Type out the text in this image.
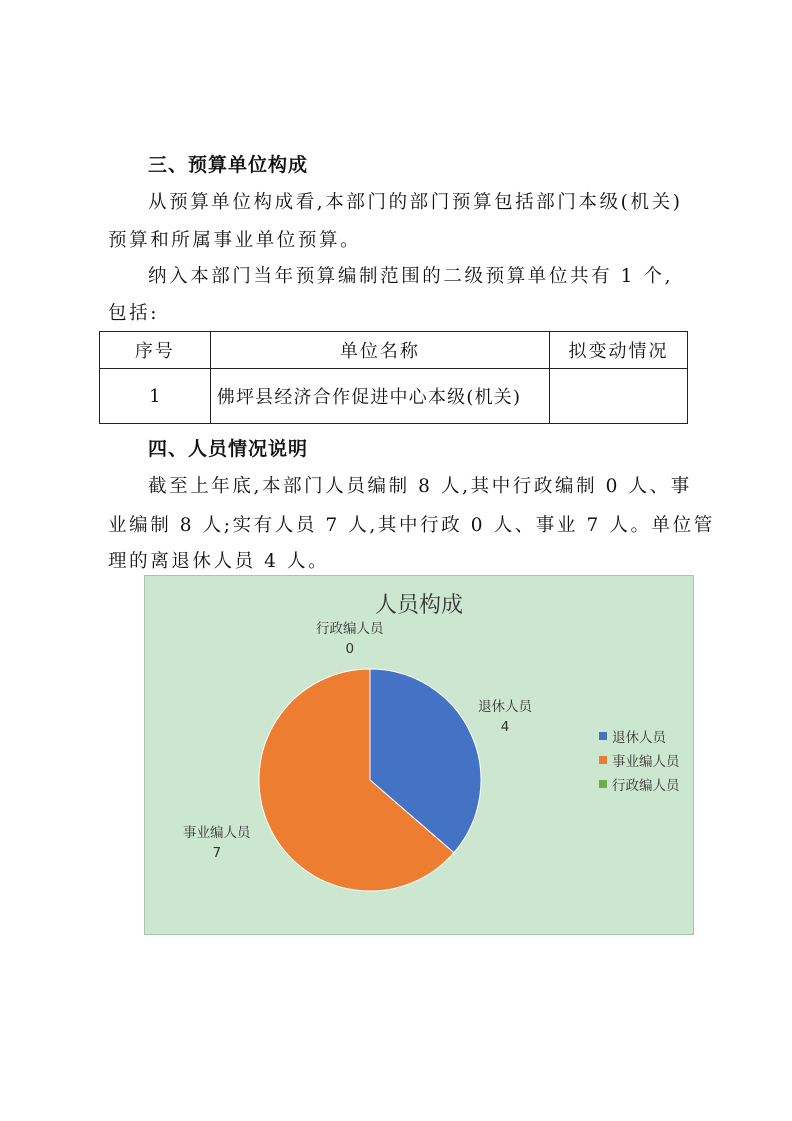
三、预算单位构成
从预算单位构成看,本部门的部门预算包括部门本级(机关)
预算和所属事业单位预算。
纳入本部门当年预算编制范围的二级预算单位共有 1 个,
包括:
序号	单位名称	拟变动情况
1	佛坪县经济合作促进中心本级(机关)	
四、人员情况说明
截至上年底,本部门人员编制 8 人,其中行政编制 0 人、事
业编制 8 人;实有人员 7 人,其中行政 0 人、事业 7 人。单位管
理的离退休人员 4 人。
人员构成
行政编人员
0
退休人员
4
事业编人员
7
退休人员
事业编人员
行政编人员
